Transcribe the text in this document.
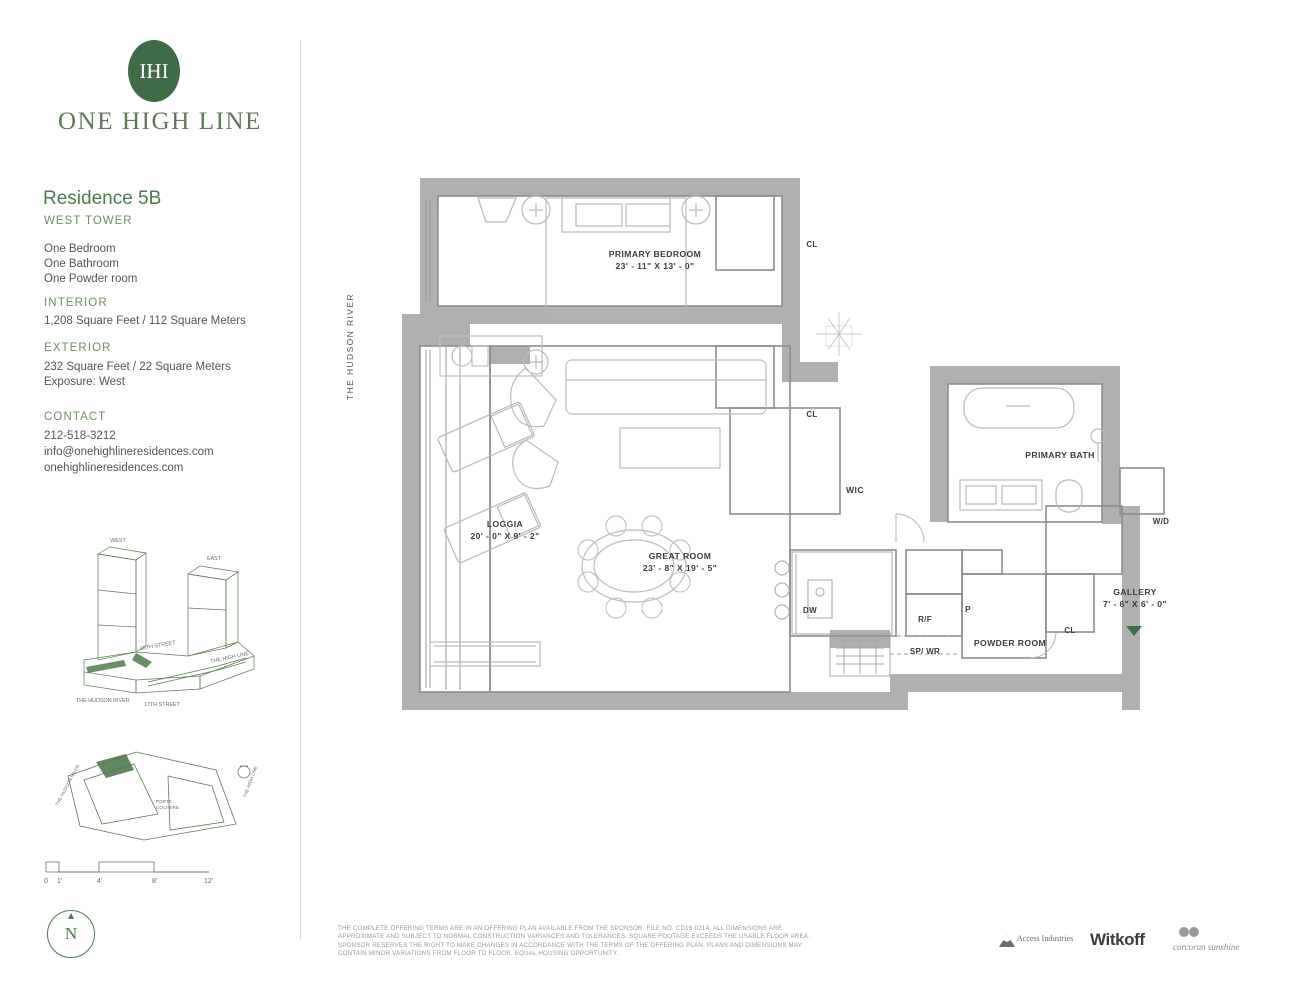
IHI
ONE HIGH LINE
Residence 5B
WEST TOWER
One Bedroom
One Bathroom
One Powder room
INTERIOR
1,208 Square Feet / 112 Square Meters
EXTERIOR
232 Square Feet / 22 Square Meters
Exposure: West
CONTACT
212-518-3212
info@onehighlineresidences.com
onehighlineresidences.com
WEST
EAST
18TH STREET
THE HIGH LINE
THE HUDSON RIVER
17TH STREET
THE HUDSON RIVER	THE HIGH LINE
PORTE
COCHERE
0 1'	4'	8'	12'
N
THE HUDSON RIVER
PRIMARY BEDROOM
23' - 11" X 13' - 0"
GREAT ROOM
23' - 8" X 19' - 5"
LOGGIA
20' - 0" X 9' - 2"
GALLERY
7' - 6" X 6' - 0"
PRIMARY BATH
POWDER ROOM
WIC
CL
CL
CL
W/D
DW
R/F
SP/ WR
P
THE COMPLETE OFFERING TERMS ARE IN AN OFFERING PLAN AVAILABLE FROM THE SPONSOR. FILE NO. CD16-0214. ALL DIMENSIONS ARE APPROXIMATE AND SUBJECT TO NORMAL CONSTRUCTION VARIANCES AND TOLERANCES. SQUARE FOOTAGE EXCEEDS THE USABLE FLOOR AREA. SPONSOR RESERVES THE RIGHT TO MAKE CHANGES IN ACCORDANCE WITH THE TERMS OF THE OFFERING PLAN. PLANS AND DIMENSIONS MAY CONTAIN MINOR VARIATIONS FROM FLOOR TO FLOOR. EQUAL HOUSING OPPORTUNITY.
Access Industries Witkoff	corcoran sunshine
